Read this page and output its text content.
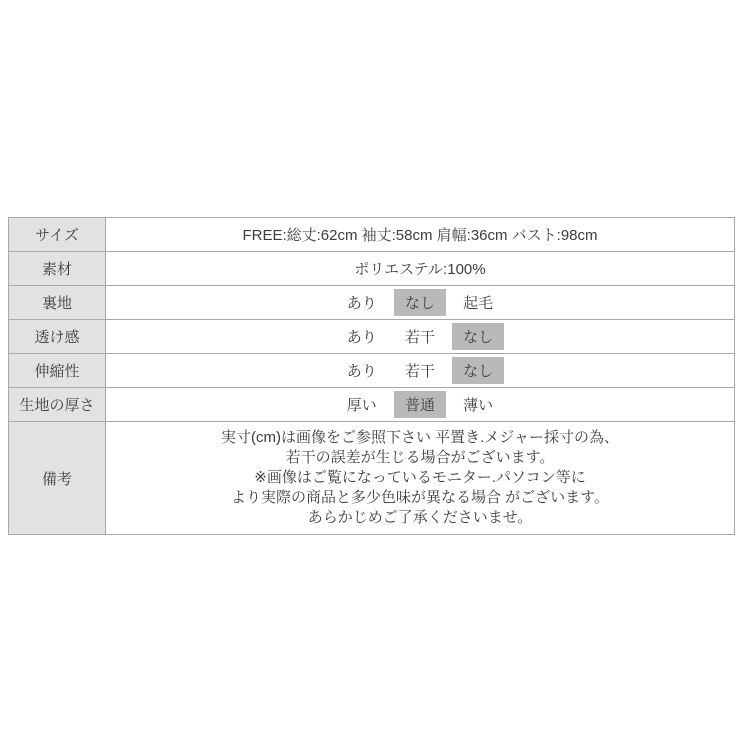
サイズ	FREE:総丈:62cm 袖丈:58cm 肩幅:36cm バスト:98cm
素材	ポリエステル:100%
裏地	あり なし 起毛
透け感	あり 若干 なし
伸縮性	あり 若干 なし
生地の厚さ	厚い 普通 薄い
備考	実寸(cm)は画像をご参照下さい 平置き.メジャー採寸の為、
若干の誤差が生じる場合がございます。
※画像はご覧になっているモニター.パソコン等に
より実際の商品と多少色味が異なる場合 がございます。
あらかじめご了承くださいませ。
